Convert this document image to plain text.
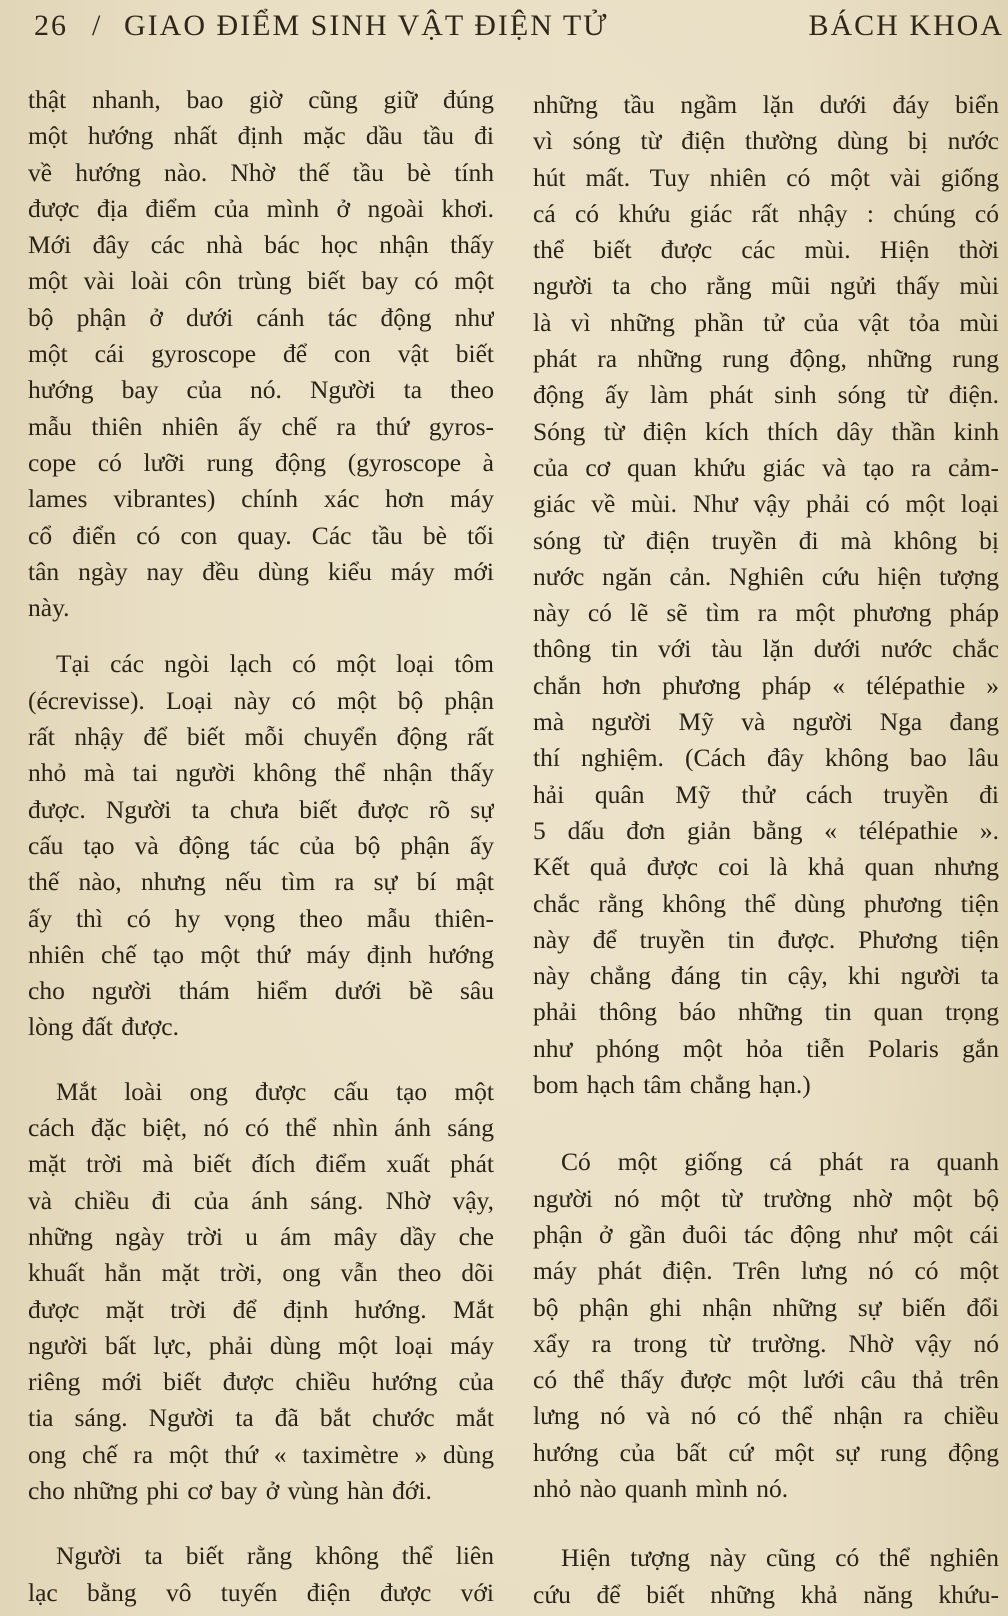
26 / GIAO ĐIỂM SINH VẬT ĐIỆN TỬ	BÁCH KHOA
thật nhanh, bao giờ cũng giữ đúng
một hướng nhất định mặc dầu tầu đi
về hướng nào. Nhờ thế tầu bè tính
được địa điểm của mình ở ngoài khơi.
Mới đây các nhà bác học nhận thấy
một vài loài côn trùng biết bay có một
bộ phận ở dưới cánh tác động như
một cái gyroscope để con vật biết
hướng bay của nó. Người ta theo
mẫu thiên nhiên ấy chế ra thứ gyros-
cope có lưỡi rung động (gyroscope à
lames vibrantes) chính xác hơn máy
cổ điển có con quay. Các tầu bè tối
tân ngày nay đều dùng kiểu máy mới
này.
Tại các ngòi lạch có một loại tôm
(écrevisse). Loại này có một bộ phận
rất nhậy để biết mỗi chuyển động rất
nhỏ mà tai người không thể nhận thấy
được. Người ta chưa biết được rõ sự
cấu tạo và động tác của bộ phận ấy
thế nào, nhưng nếu tìm ra sự bí mật
ấy thì có hy vọng theo mẫu thiên-
nhiên chế tạo một thứ máy định hướng
cho người thám hiểm dưới bề sâu
lòng đất được.
Mắt loài ong được cấu tạo một
cách đặc biệt, nó có thể nhìn ánh sáng
mặt trời mà biết đích điểm xuất phát
và chiều đi của ánh sáng. Nhờ vậy,
những ngày trời u ám mây dầy che
khuất hẳn mặt trời, ong vẫn theo dõi
được mặt trời để định hướng. Mắt
người bất lực, phải dùng một loại máy
riêng mới biết được chiều hướng của
tia sáng. Người ta đã bắt chước mắt
ong chế ra một thứ « taximètre » dùng
cho những phi cơ bay ở vùng hàn đới.
Người ta biết rằng không thể liên
lạc bằng vô tuyến điện được với
những tầu ngầm lặn dưới đáy biển
vì sóng từ điện thường dùng bị nước
hút mất. Tuy nhiên có một vài giống
cá có khứu giác rất nhậy : chúng có
thể biết được các mùi. Hiện thời
người ta cho rằng mũi ngửi thấy mùi
là vì những phần tử của vật tỏa mùi
phát ra những rung động, những rung
động ấy làm phát sinh sóng từ điện.
Sóng từ điện kích thích dây thần kinh
của cơ quan khứu giác và tạo ra cảm-
giác về mùi. Như vậy phải có một loại
sóng từ điện truyền đi mà không bị
nước ngăn cản. Nghiên cứu hiện tượng
này có lẽ sẽ tìm ra một phương pháp
thông tin với tàu lặn dưới nước chắc
chắn hơn phương pháp « télépathie »
mà người Mỹ và người Nga đang
thí nghiệm. (Cách đây không bao lâu
hải quân Mỹ thử cách truyền đi
5 dấu đơn giản bằng « télépathie ».
Kết quả được coi là khả quan nhưng
chắc rằng không thể dùng phương tiện
này để truyền tin được. Phương tiện
này chẳng đáng tin cậy, khi người ta
phải thông báo những tin quan trọng
như phóng một hỏa tiễn Polaris gắn
bom hạch tâm chẳng hạn.)
Có một giống cá phát ra quanh
người nó một từ trường nhờ một bộ
phận ở gần đuôi tác động như một cái
máy phát điện. Trên lưng nó có một
bộ phận ghi nhận những sự biến đổi
xẩy ra trong từ trường. Nhờ vậy nó
có thể thấy được một lưới câu thả trên
lưng nó và nó có thể nhận ra chiều
hướng của bất cứ một sự rung động
nhỏ nào quanh mình nó.
Hiện tượng này cũng có thể nghiên
cứu để biết những khả năng khứu-
